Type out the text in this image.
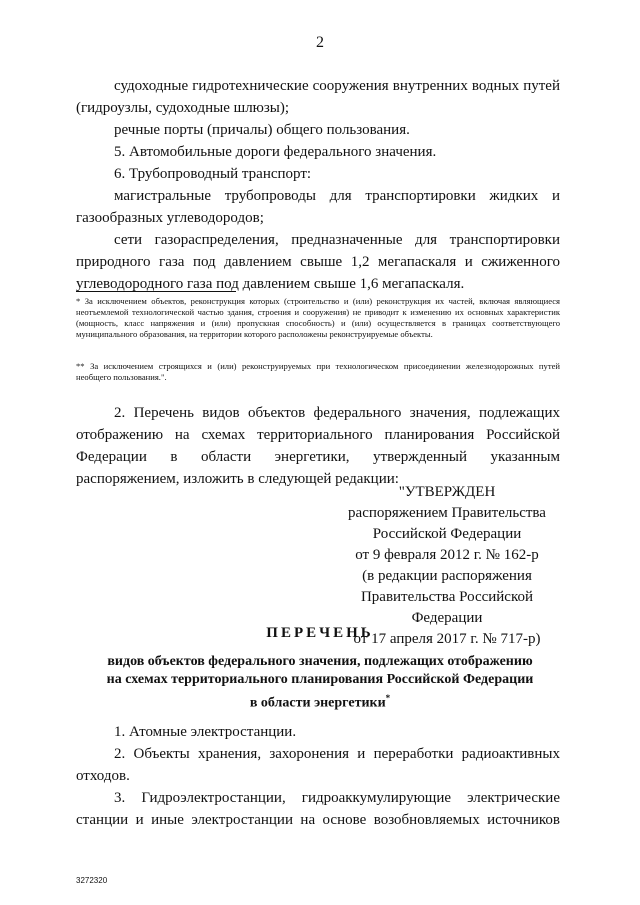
2
судоходные гидротехнические сооружения внутренних водных путей (гидроузлы, судоходные шлюзы);
речные порты (причалы) общего пользования.
5. Автомобильные дороги федерального значения.
6. Трубопроводный транспорт:
магистральные трубопроводы для транспортировки жидких и газообразных углеводородов;
сети газораспределения, предназначенные для транспортировки природного газа под давлением свыше 1,2 мегапаскаля и сжиженного углеводородного газа под давлением свыше 1,6 мегапаскаля.
* За исключением объектов, реконструкция которых (строительство и (или) реконструкция их частей, включая являющиеся неотъемлемой технологической частью здания, строения и сооружения) не приводит к изменению их основных характеристик (мощность, класс напряжения и (или) пропускная способность) и (или) осуществляется в границах соответствующего муниципального образования, на территории которого расположены реконструируемые объекты.
** За исключением строящихся и (или) реконструируемых при технологическом присоединении железнодорожных путей необщего пользования.".
2. Перечень видов объектов федерального значения, подлежащих отображению на схемах территориального планирования Российской Федерации в области энергетики, утвержденный указанным распоряжением, изложить в следующей редакции:
"УТВЕРЖДЕН
распоряжением Правительства
Российской Федерации
от 9 февраля 2012 г. № 162-р
(в редакции распоряжения
Правительства Российской Федерации
от 17 апреля 2017 г. № 717-р)
ПЕРЕЧЕНЬ
видов объектов федерального значения, подлежащих отображению
на схемах территориального планирования Российской Федерации
в области энергетики*
1. Атомные электростанции.
2. Объекты хранения, захоронения и переработки радиоактивных отходов.
3. Гидроэлектростанции, гидроаккумулирующие электрические станции и иные электростанции на основе возобновляемых источников
3272320
